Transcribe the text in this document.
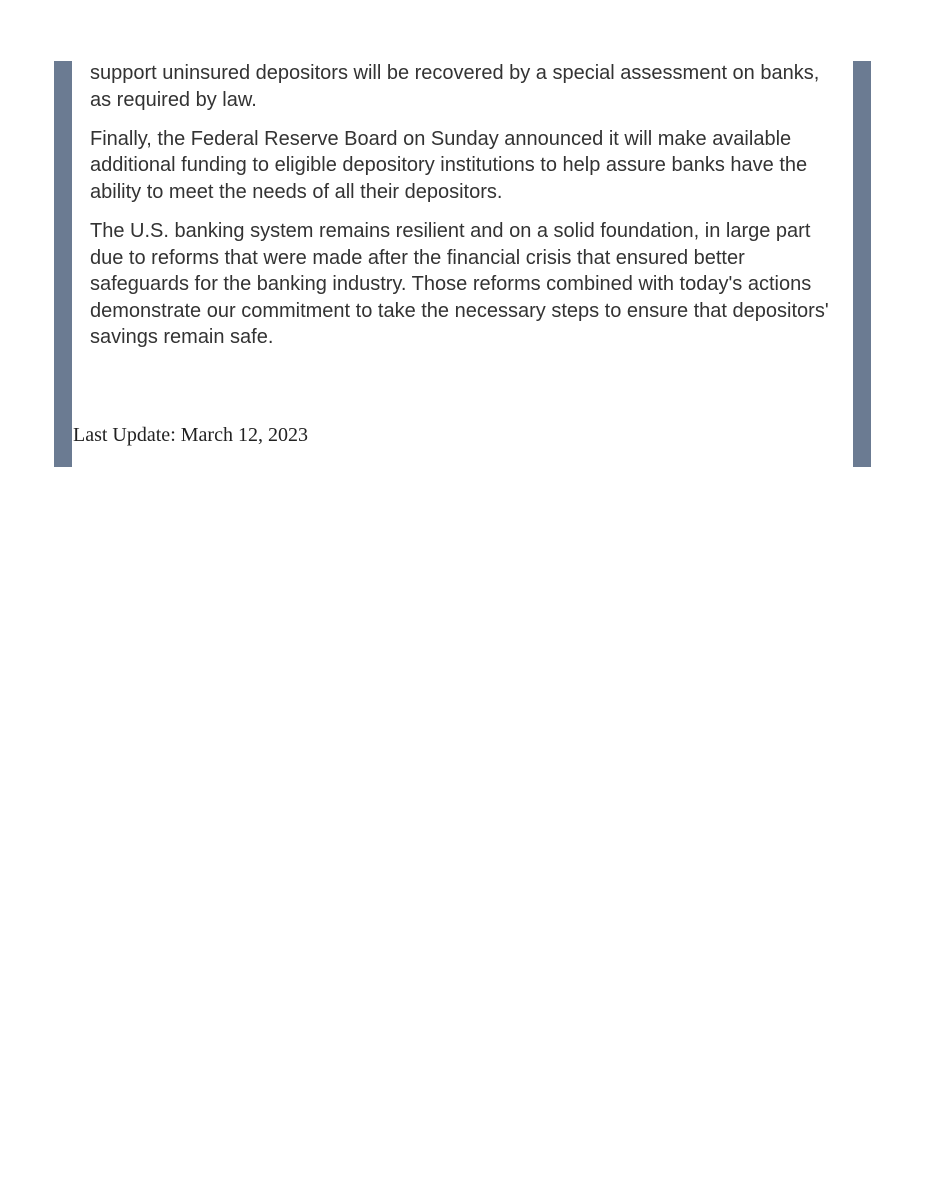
support uninsured depositors will be recovered by a special assessment on banks, as required by law.

Finally, the Federal Reserve Board on Sunday announced it will make available additional funding to eligible depository institutions to help assure banks have the ability to meet the needs of all their depositors.

The U.S. banking system remains resilient and on a solid foundation, in large part due to reforms that were made after the financial crisis that ensured better safeguards for the banking industry. Those reforms combined with today's actions demonstrate our commitment to take the necessary steps to ensure that depositors' savings remain safe.

Last Update: March 12, 2023
